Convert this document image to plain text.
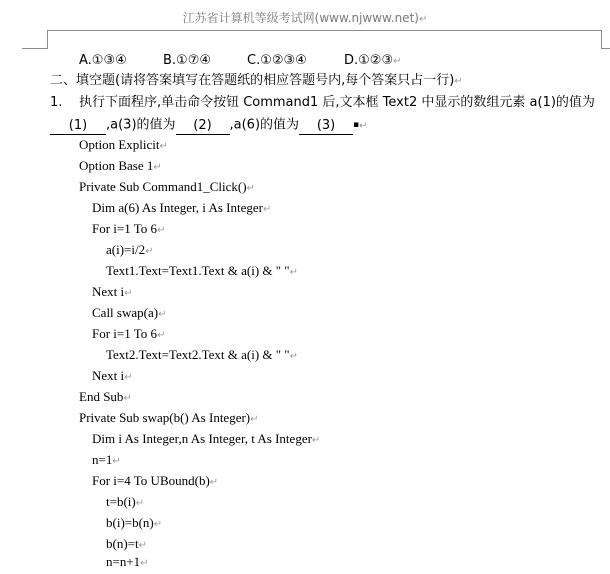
江苏省计算机等级考试网(www.njwww.net)↵
A.①③④	B.①⑦④	C.①②③④	D.①②③↵
二、填空题(请将答案填写在答题纸的相应答题号内,每个答案只占一行)↵
1. 执行下面程序,单击命令按钮 Command1 后,文本框 Text2 中显示的数组元素 a(1)的值为
(1) ,a(3)的值为 (2) ,a(6)的值为 (3) ▪↵
Option Explicit↵
Option Base 1↵
Private Sub Command1_Click()↵
Dim a(6) As Integer, i As Integer↵
For i=1 To 6↵
a(i)=i/2↵
Text1.Text=Text1.Text & a(i) & " "↵
Next i↵
Call swap(a)↵
For i=1 To 6↵
Text2.Text=Text2.Text & a(i) & " "↵
Next i↵
End Sub↵
Private Sub swap(b() As Integer)↵
Dim i As Integer,n As Integer, t As Integer↵
n=1↵
For i=4 To UBound(b)↵
t=b(i)↵
b(i)=b(n)↵
b(n)=t↵
n=n+1↵
